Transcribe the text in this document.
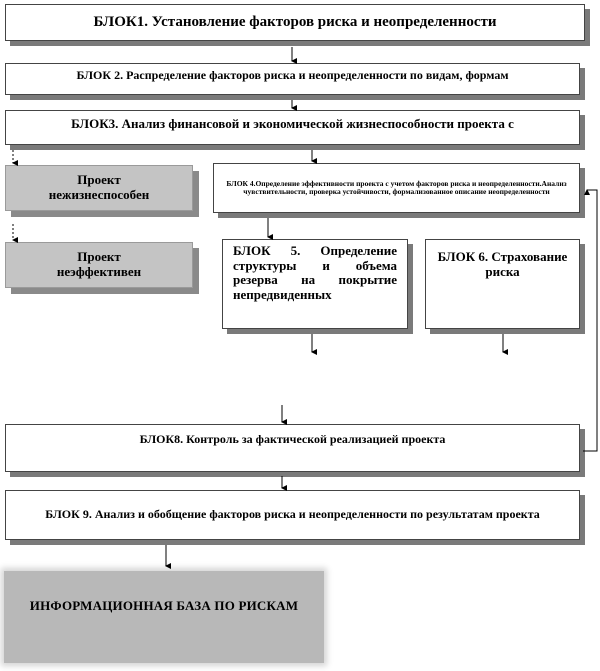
БЛОК1. Установление факторов риска и неопределенности
БЛОК 2. Распределение факторов риска и неопределенности по видам, формам
БЛОК3. Анализ финансовой и экономической жизнеспособности проекта с
Проект нежизнеспособен
БЛОК 4.Определение эффективности проекта с учетом факторов риска и неопределенности.Анализ чувствительности, проверка устойчивости, формализованное описание неопределенности
Проект неэффективен
БЛОК 5. Определение структуры и объема резерва на покрытие непредвиденных
БЛОК 6. Страхование риска
БЛОК8. Контроль за фактической реализацией проекта
БЛОК 9. Анализ и обобщение факторов риска и неопределенности по результатам проекта
ИНФОРМАЦИОННАЯ БАЗА ПО РИСКАМ
